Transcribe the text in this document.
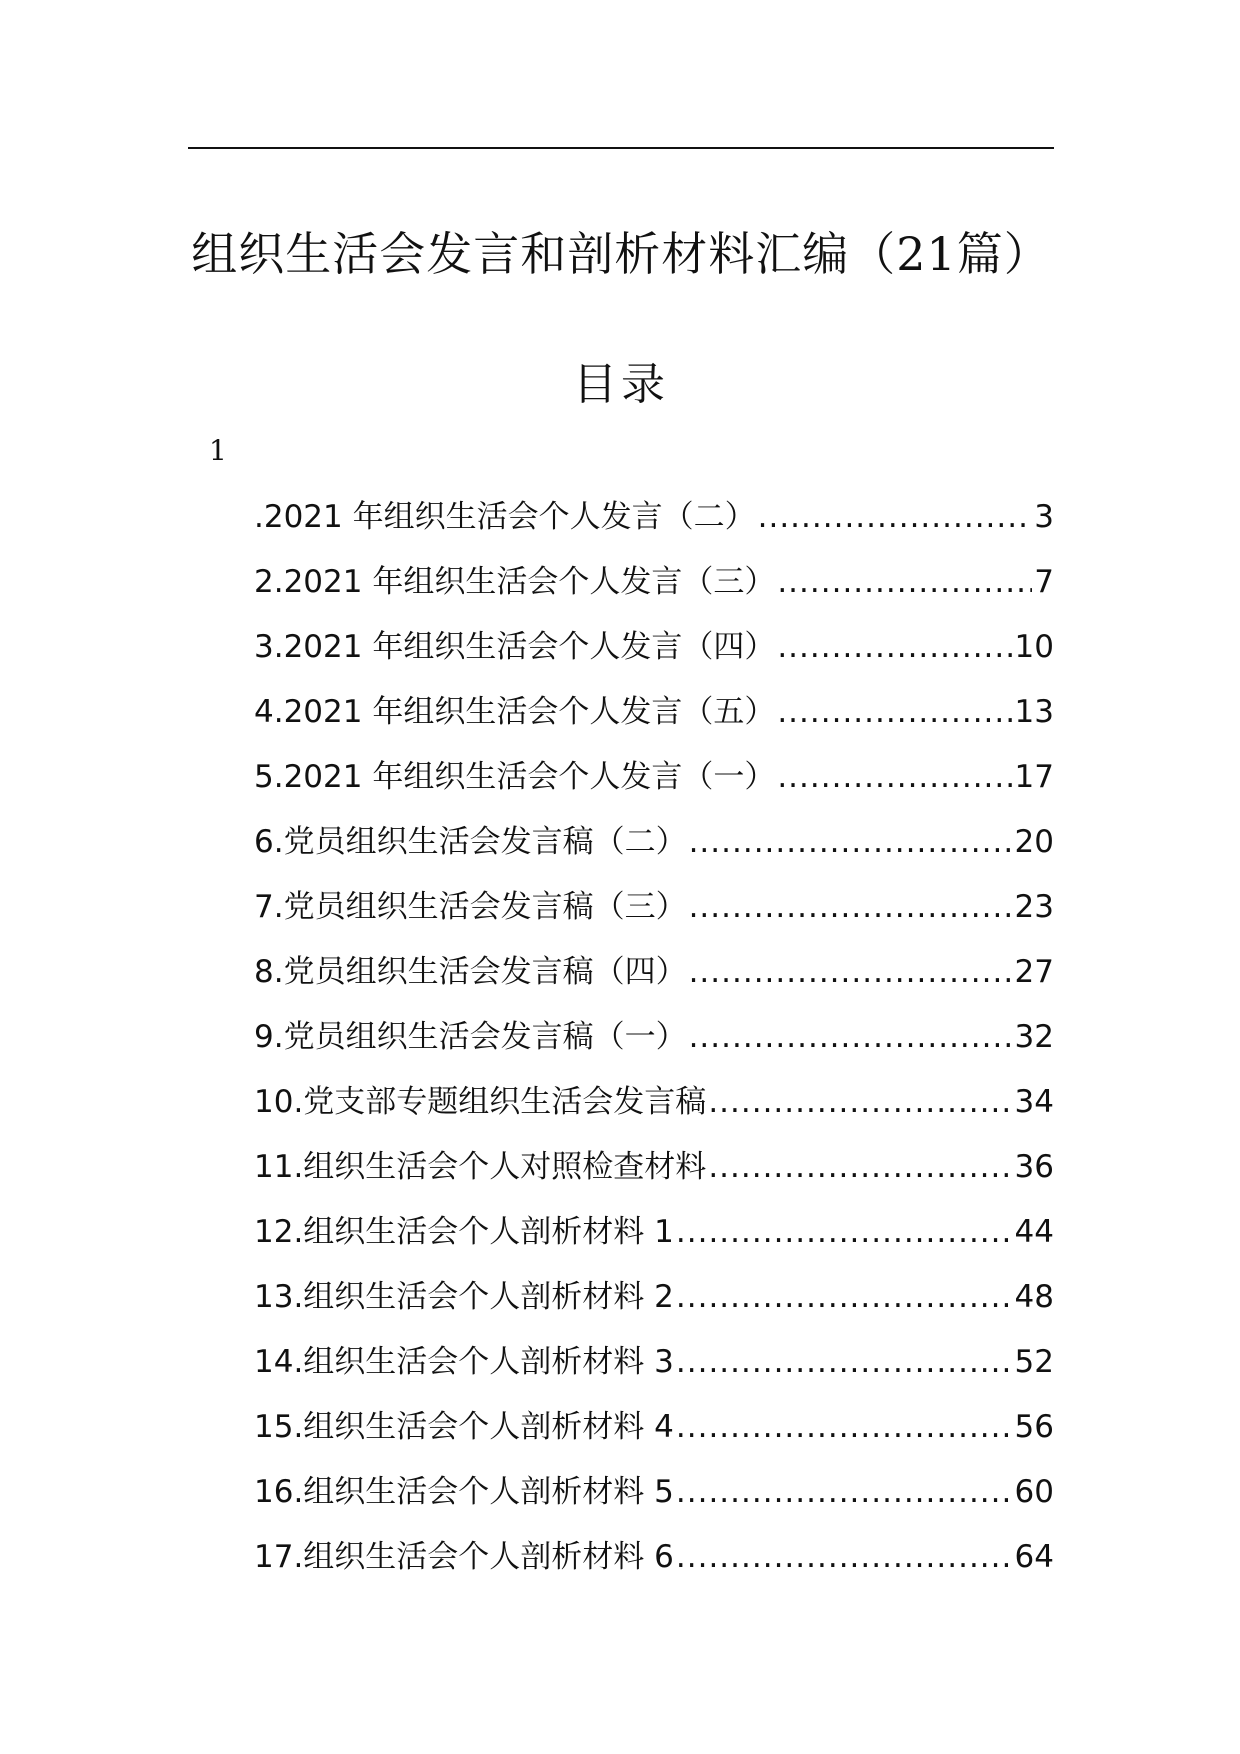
组织生活会发言和剖析材料汇编（21篇）
目录
1
.2021 年组织生活会个人发言（二） .....	3
2.2021 年组织生活会个人发言（三） .....	7
3.2021 年组织生活会个人发言（四） .....	10
4.2021 年组织生活会个人发言（五） .....	13
5.2021 年组织生活会个人发言（一） .....	17
6.党员组织生活会发言稿（二） .....	20
7.党员组织生活会发言稿（三） .....	23
8.党员组织生活会发言稿（四） .....	27
9.党员组织生活会发言稿（一） .....	32
10.党支部专题组织生活会发言稿 .....	34
11.组织生活会个人对照检查材料 .....	36
12.组织生活会个人剖析材料 1 .....	44
13.组织生活会个人剖析材料 2 .....	48
14.组织生活会个人剖析材料 3 .....	52
15.组织生活会个人剖析材料 4 .....	56
16.组织生活会个人剖析材料 5 .....	60
17.组织生活会个人剖析材料 6 .....	64
